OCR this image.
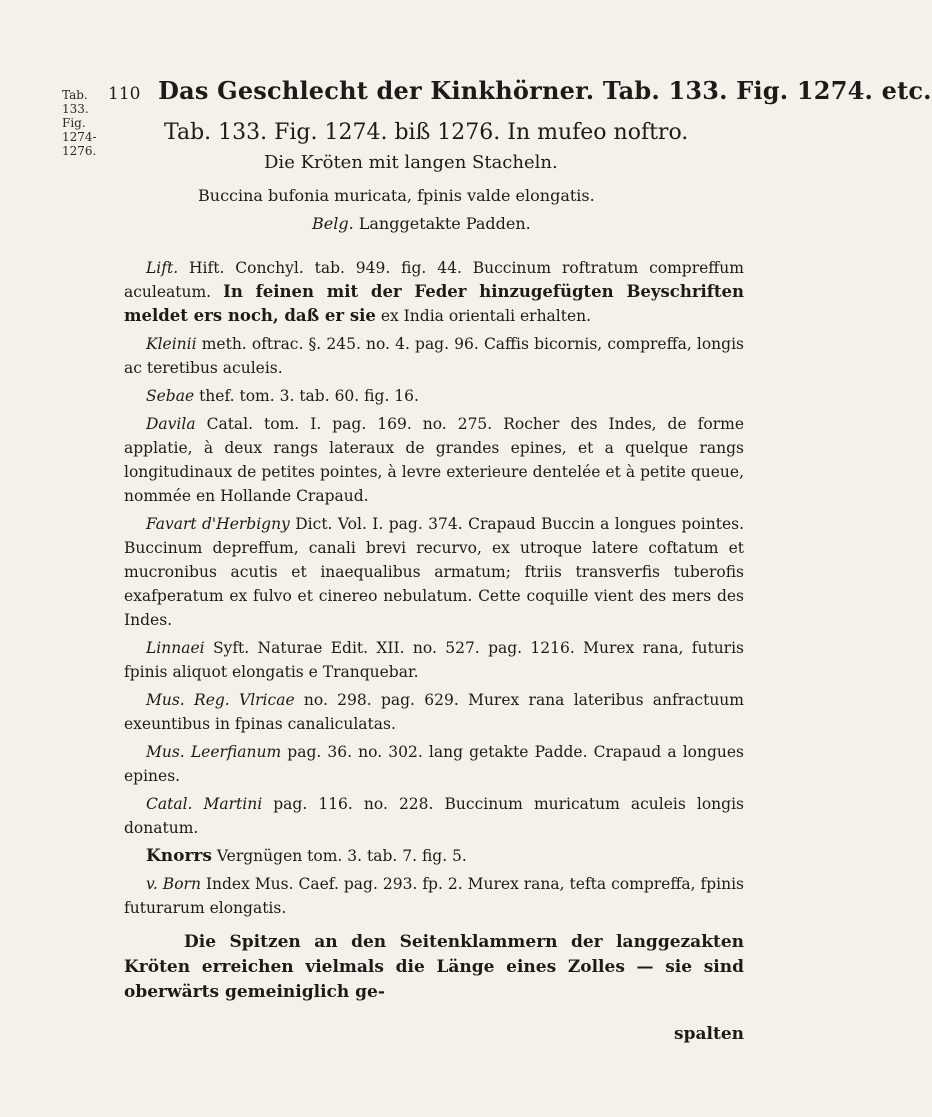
Tab. 133. Fig. 1274-1276.
110 Das Geschlecht der Kinkhörner. Tab. 133. Fig. 1274. etc.

Tab. 133. Fig. 1274. biß 1276. In mufeo noftro.

Die Kröten mit langen Stacheln.

Buccina bufonia muricata, fpinis valde elongatis.

Belg. Langgetakte Padden.

Lift. Hift. Conchyl. tab. 949. fig. 44. Buccinum roftratum compreffum aculeatum. In feinen mit der Feder hinzugefügten Beyschriften meldet ers noch, daß er sie ex India orientali erhalten.

Kleinii meth. oftrac. §. 245. no. 4. pag. 96. Caffis bicornis, compreffa, longis ac teretibus aculeis.

Sebae thef. tom. 3. tab. 60. fig. 16.

Davila Catal. tom. I. pag. 169. no. 275. Rocher des Indes, de forme applatie, à deux rangs lateraux de grandes epines, et a quelque rangs longitudinaux de petites pointes, à levre exterieure dentelée et à petite queue, nommée en Hollande Crapaud.

Favart d'Herbigny Dict. Vol. I. pag. 374. Crapaud Buccin a longues pointes. Buccinum depreffum, canali brevi recurvo, ex utroque latere coftatum et mucronibus acutis et inaequalibus armatum; ftriis transverfis tuberofis exafperatum ex fulvo et cinereo nebulatum. Cette coquille vient des mers des Indes.

Linnaei Syft. Naturae Edit. XII. no. 527. pag. 1216. Murex rana, futuris fpinis aliquot elongatis e Tranquebar.

Mus. Reg. Vlricae no. 298. pag. 629. Murex rana lateribus anfractuum exeuntibus in fpinas canaliculatas.

Mus. Leerfianum pag. 36. no. 302. lang getakte Padde. Crapaud a longues epines.

Catal. Martini pag. 116. no. 228. Buccinum muricatum aculeis longis donatum.

Knorrs Vergnügen tom. 3. tab. 7. fig. 5.

v. Born Index Mus. Caef. pag. 293. fp. 2. Murex rana, tefta compreffa, fpinis futurarum elongatis.

Die Spitzen an den Seitenklammern der langgezakten Kröten erreichen vielmals die Länge eines Zolles — sie sind oberwärts gemeiniglich ge-

spalten
